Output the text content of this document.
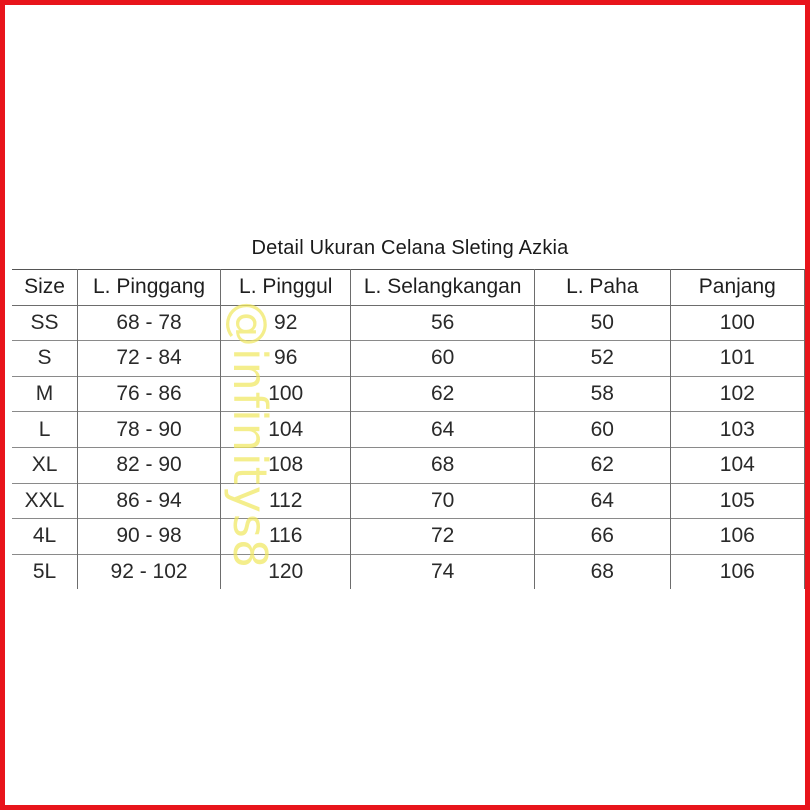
Detail Ukuran Celana Sleting Azkia
Size	L. Pinggang	L. Pinggul	L. Selangkangan	L. Paha	Panjang
SS	68 - 78	92	56	50	100
S	72 - 84	96	60	52	101
M	76 - 86	100	62	58	102
L	78 - 90	104	64	60	103
XL	82 - 90	108	68	62	104
XXL	86 - 94	112	70	64	105
4L	90 - 98	116	72	66	106
5L	92 - 102	120	74	68	106
@infinitys8
